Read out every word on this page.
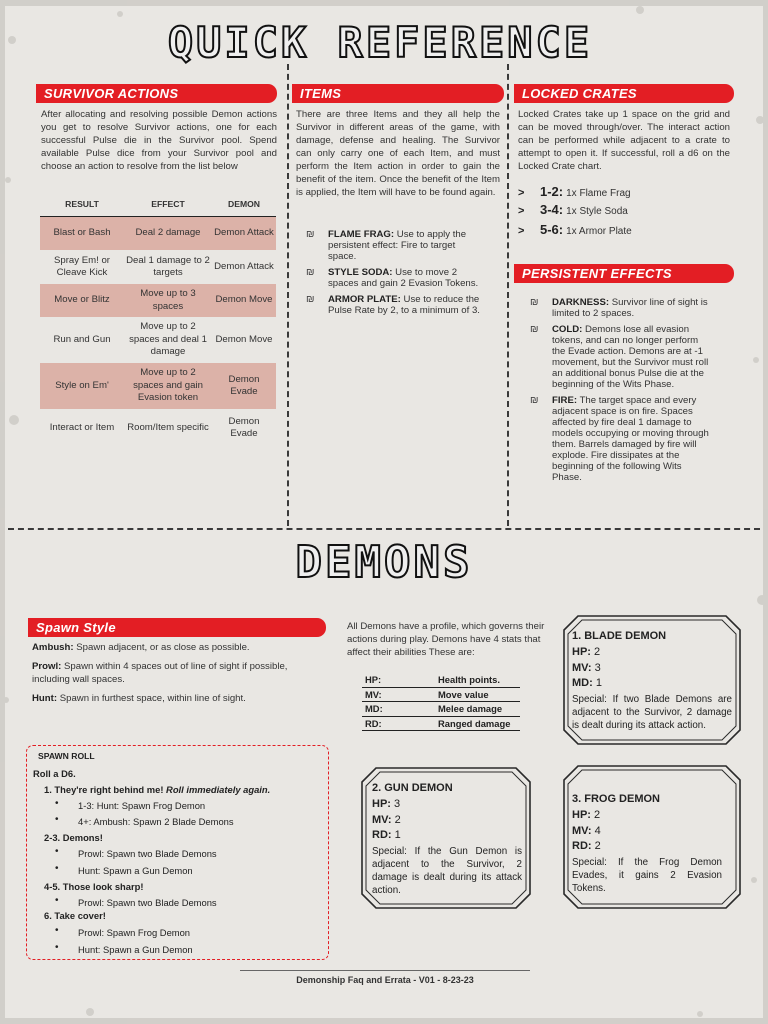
QUICK REFERENCE
SURVIVOR ACTIONS
After allocating and resolving possible Demon actions you get to resolve Survivor actions, one for each successful Pulse die in the Survivor pool. Spend available Pulse dice from your Survivor pool and choose an action to resolve from the list below
RESULT	EFFECT	DEMON
Blast or Bash	Deal 2 damage	Demon Attack
Spray Em! or Cleave Kick	Deal 1 damage to 2 targets	Demon Attack
Move or Blitz	Move up to 3 spaces	Demon Move
Run and Gun	Move up to 2 spaces and deal 1 damage	Demon Move
Style on Em'	Move up to 2 spaces and gain Evasion token	Demon Evade
Interact or Item	Room/Item specific	Demon Evade
ITEMS
There are three Items and they all help the Survivor in different areas of the game, with damage, defense and healing. The Survivor can only carry one of each Item, and must perform the Item action in order to gain the benefit of the item. Once the benefit of the Item is applied, the Item will have to be found again.
₪ FLAME FRAG: Use to apply the persistent effect: Fire to target space.
₪ STYLE SODA: Use to move 2 spaces and gain 2 Evasion Tokens.
₪ ARMOR PLATE: Use to reduce the Pulse Rate by 2, to a minimum of 3.
LOCKED CRATES
Locked Crates take up 1 space on the grid and can be moved through/over. The interact action can be performed while adjacent to a crate to attempt to open it. If successful, roll a d6 on the Locked Crate chart.
> 1-2: 1x Flame Frag
> 3-4: 1x Style Soda
> 5-6: 1x Armor Plate
PERSISTENT EFFECTS
₪ DARKNESS: Survivor line of sight is limited to 2 spaces.
₪ COLD: Demons lose all evasion tokens, and can no longer perform the Evade action. Demons are at -1 movement, but the Survivor must roll an additional bonus Pulse die at the beginning of the Wits Phase.
₪ FIRE: The target space and every adjacent space is on fire. Spaces affected by fire deal 1 damage to models occupying or moving through them. Barrels damaged by fire will explode. Fire dissipates at the beginning of the following Wits Phase.
DEMONS
Spawn Style
Ambush: Spawn adjacent, or as close as possible.
Prowl: Spawn within 4 spaces out of line of sight if possible, including wall spaces.
Hunt: Spawn in furthest space, within line of sight.
SPAWN ROLL
Roll a D6.
1. They're right behind me! Roll immediately again.
• 1-3: Hunt: Spawn Frog Demon
• 4+: Ambush: Spawn 2 Blade Demons
2-3. Demons!
• Prowl: Spawn two Blade Demons
• Hunt: Spawn a Gun Demon
4-5. Those look sharp!
• Prowl: Spawn two Blade Demons
6. Take cover!
• Prowl: Spawn Frog Demon
• Hunt: Spawn a Gun Demon
All Demons have a profile, which governs their actions during play. Demons have 4 stats that affect their abilities These are:
HP:	Health points.
MV:	Move value
MD:	Melee damage
RD:	Ranged damage
1. BLADE DEMON
HP: 2
MV: 3
MD: 1
Special: If two Blade Demons are adjacent to the Survivor, 2 damage is dealt during its attack action.
2. GUN DEMON
HP: 3
MV: 2
RD: 1
Special: If the Gun Demon is adjacent to the Survivor, 2 damage is dealt during its attack action.
3. FROG DEMON
HP: 2
MV: 4
RD: 2
Special: If the Frog Demon Evades, it gains 2 Evasion Tokens.
Demonship Faq and Errata - V01 - 8-23-23
